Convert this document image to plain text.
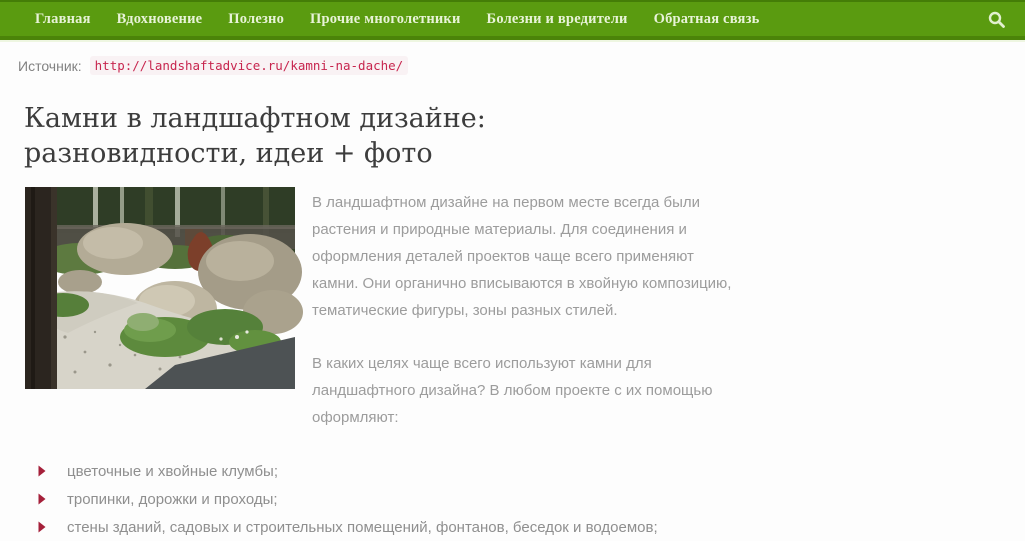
Главная	Вдохновение	Полезно	Прочие многолетники	Болезни и вредители	Обратная связь
Источник:	http://landshaftadvice.ru/kamni-na-dache/
Камни в ландшафтном дизайне: разновидности, идеи + фото

В ландшафтном дизайне на первом месте всегда были растения и природные материалы. Для соединения и оформления деталей проектов чаще всего применяют камни. Они органично вписываются в хвойную композицию, тематические фигуры, зоны разных стилей.

В каких целях чаще всего используют камни для ландшафтного дизайна? В любом проекте с их помощью оформляют:

цветочные и хвойные клумбы;
тропинки, дорожки и проходы;
стены зданий, садовых и строительных помещений, фонтанов, беседок и водоемов;
